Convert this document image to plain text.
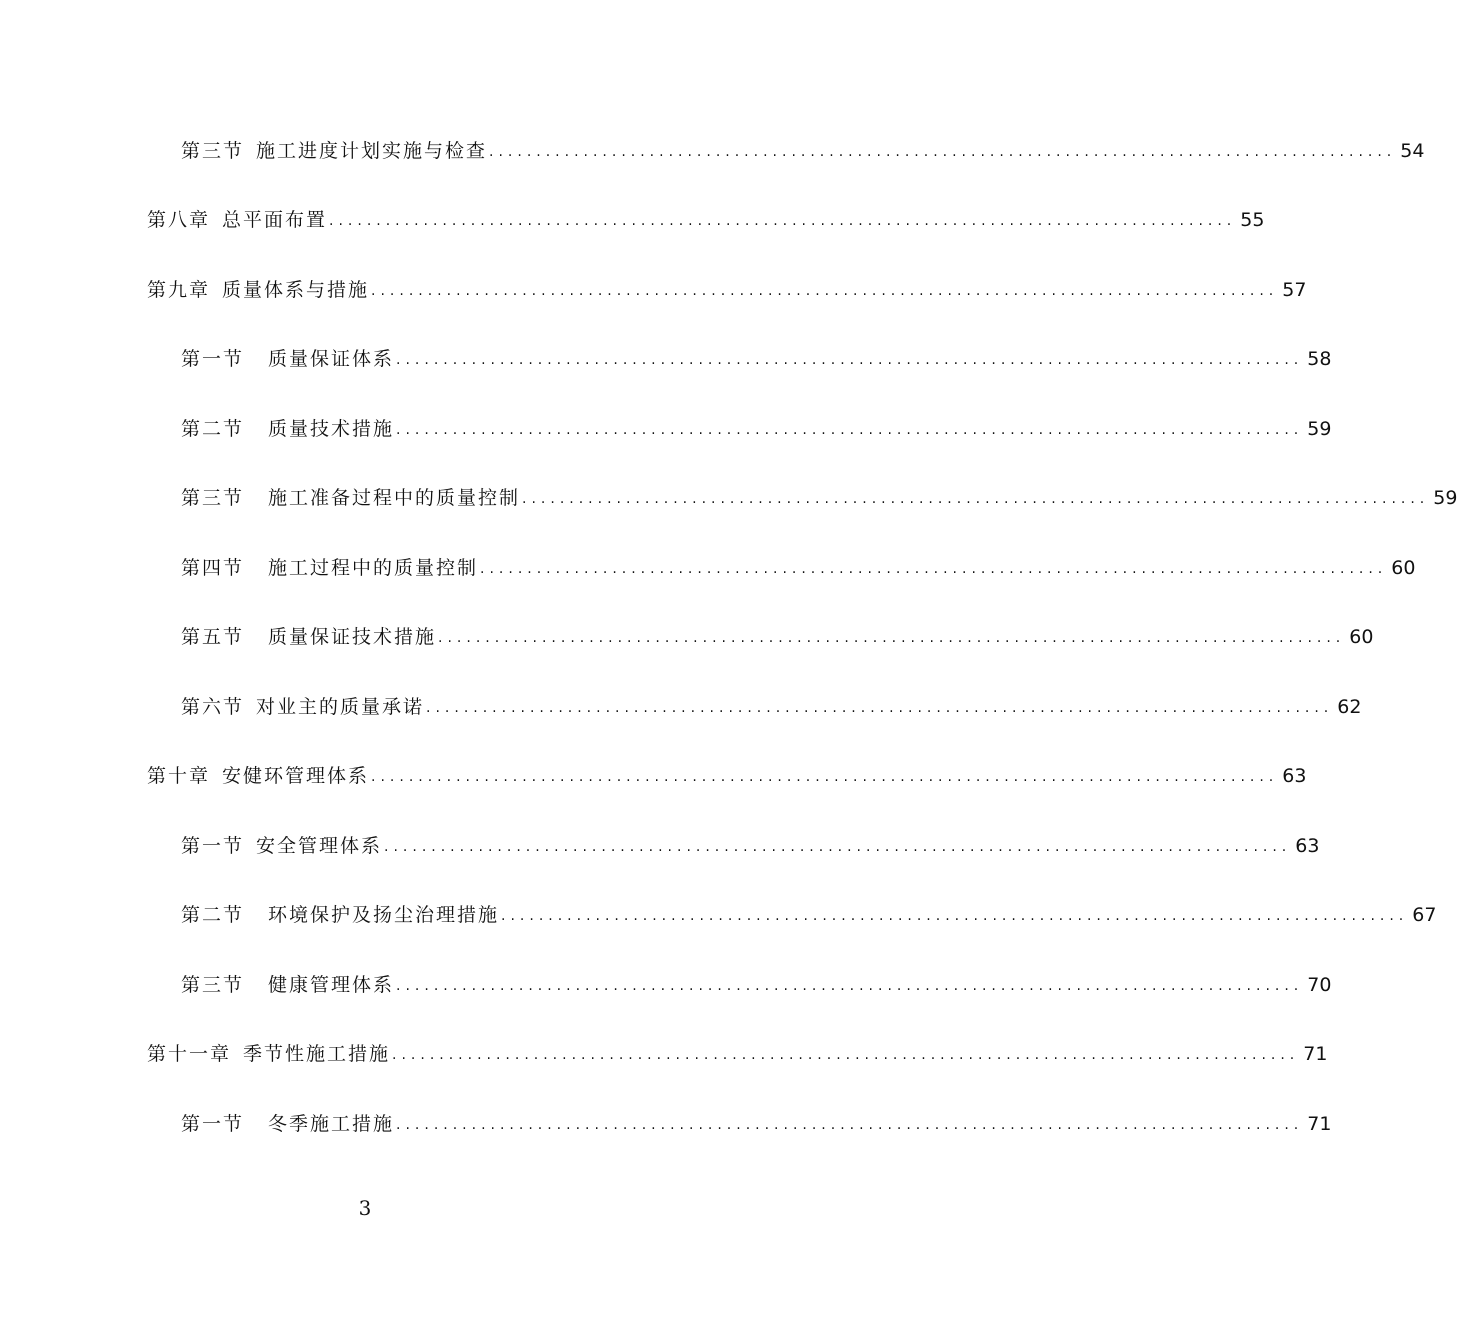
第三节 施工进度计划实施与检查 ................................................................................................ 54
第八章 总平面布置 ................................................................................................ 55
第九章 质量体系与措施 ................................................................................................ 57
第一节 质量保证体系 ................................................................................................ 58
第二节 质量技术措施 ................................................................................................ 59
第三节 施工准备过程中的质量控制 ................................................................................................ 59
第四节 施工过程中的质量控制 ................................................................................................ 60
第五节 质量保证技术措施 ................................................................................................ 60
第六节 对业主的质量承诺 ................................................................................................ 62
第十章 安健环管理体系 ................................................................................................ 63
第一节 安全管理体系 ................................................................................................ 63
第二节 环境保护及扬尘治理措施 ................................................................................................ 67
第三节 健康管理体系 ................................................................................................ 70
第十一章 季节性施工措施 ................................................................................................ 71
第一节 冬季施工措施 ................................................................................................ 71
3
